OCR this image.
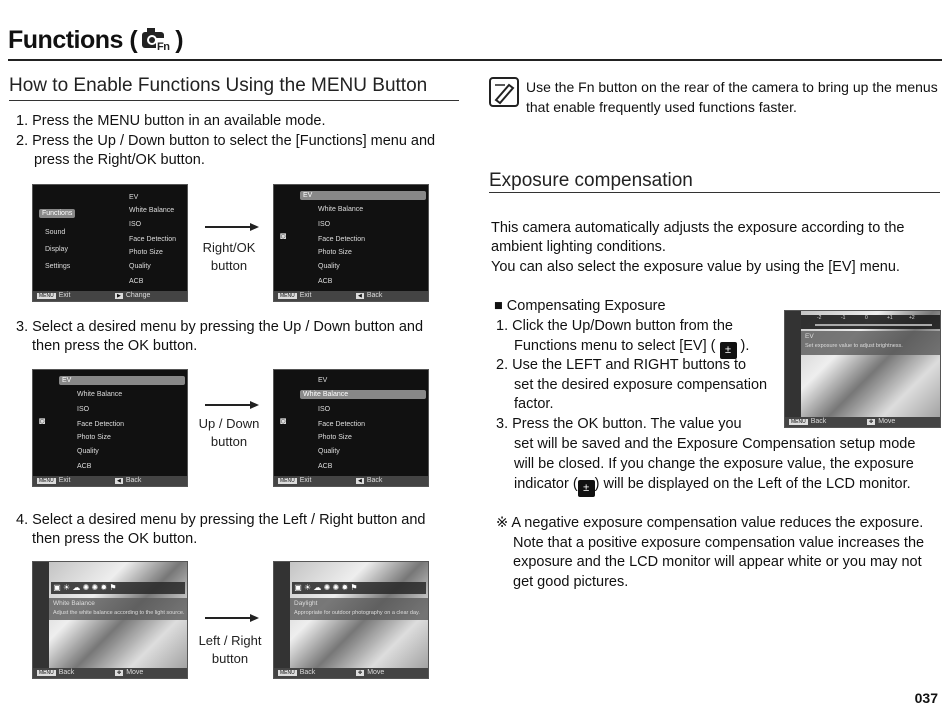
Functions ( Fn )
How to Enable Functions Using the MENU Button
1. Press the MENU button in an available mode.
2. Press the Up / Down button to select the [Functions] menu and
press the Right/OK button.
Functions
Sound
Display
Settings
EV
White Balance
ISO
Face Detection
Photo Size
Quality
ACB
MENU Exit	▶ Change
Right/OK
button
◙
EV
White Balance
ISO
Face Detection
Photo Size
Quality
ACB
MENU Exit	◀ Back
3. Select a desired menu by pressing the Up / Down button and
then press the OK button.
◙
EV
White Balance
ISO
Face Detection
Photo Size
Quality
ACB
MENU Exit	◀ Back
Up / Down
button
◙
EV
White Balance
ISO
Face Detection
Photo Size
Quality
ACB
MENU Exit	◀ Back
4. Select a desired menu by pressing the Left / Right button and
then press the OK button.
▣ ☀ ☁ ✺ ✺ ✹ ⚑
White Balance
Adjust the white balance according to the light source.
MENU Back	✥ Move
Left / Right
button
▣ ☀ ☁ ✺ ✺ ✹ ⚑
Daylight
Appropriate for outdoor photography on a clear day.
MENU Back	✥ Move
Use the Fn button on the rear of the camera to bring up the menus
that enable frequently used functions faster.
Exposure compensation
This camera automatically adjusts the exposure according to the
ambient lighting conditions.
You can also select the exposure value by using the [EV] menu.
■ Compensating Exposure
1. Click the Up/Down button from the
Functions menu to select [EV] ( ± ).
2. Use the LEFT and RIGHT buttons to
set the desired exposure compensation
factor.
3. Press the OK button. The value you
set will be saved and the Exposure Compensation setup mode
will be closed. If you change the exposure value, the exposure
indicator ( ± ) will be displayed on the Left of the LCD monitor.
-2	-1	0	+1	+2
EV
Set exposure value to adjust brightness.
MENU Back	✥ Move
※ A negative exposure compensation value reduces the exposure.
Note that a positive exposure compensation value increases the
exposure and the LCD monitor will appear white or you may not
get good pictures.
037
